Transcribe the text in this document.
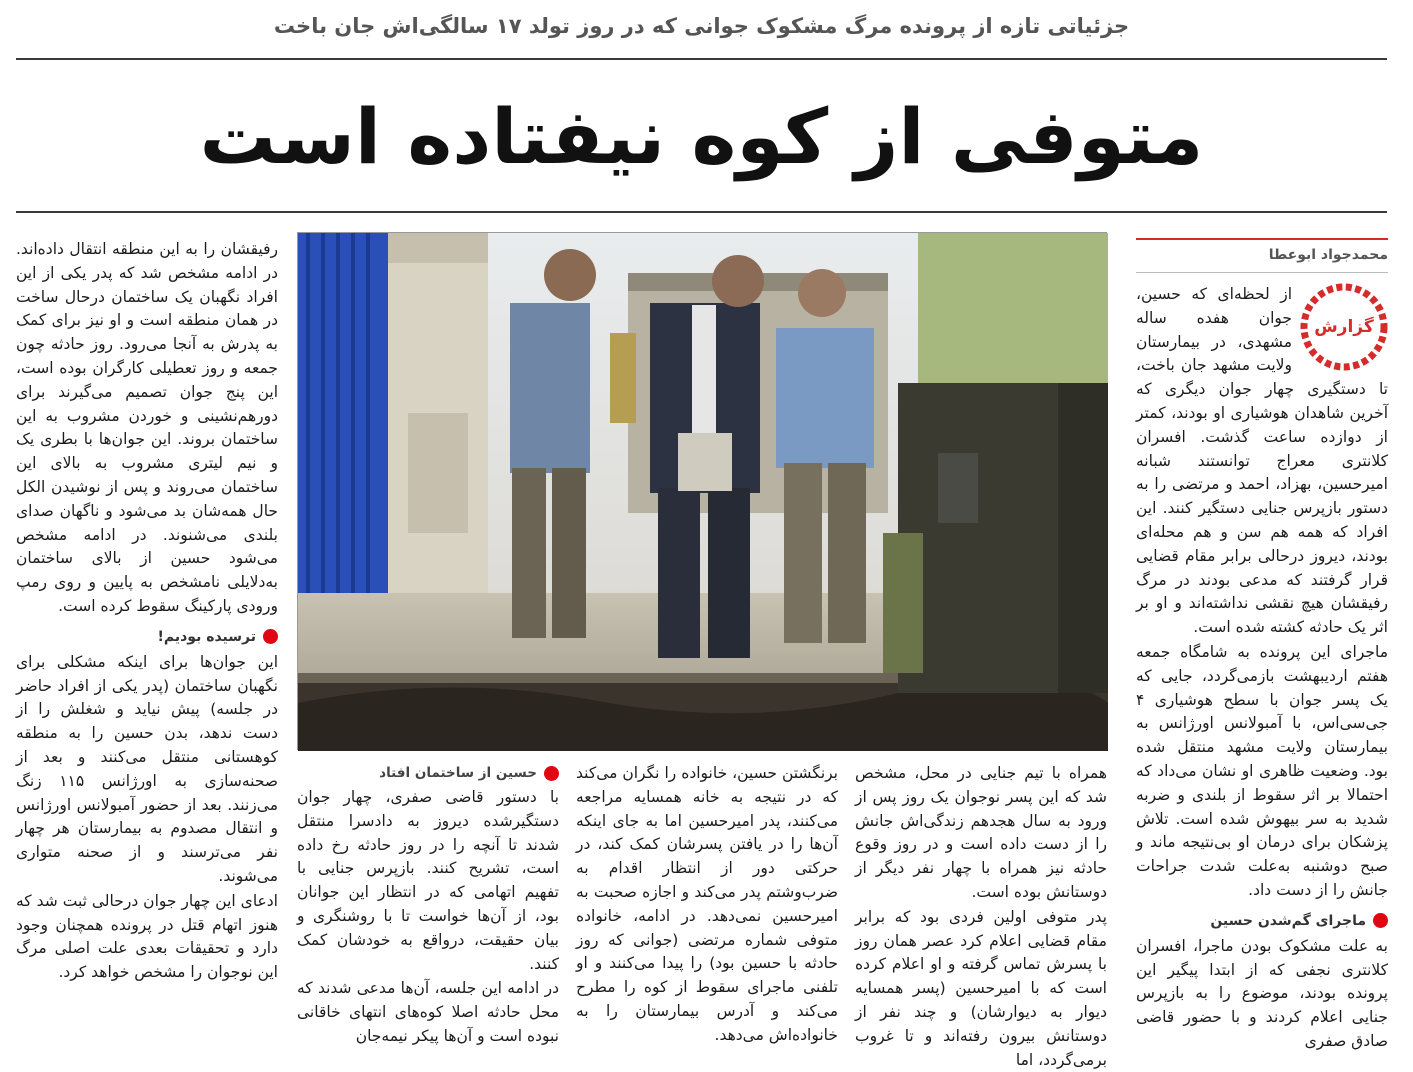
جزئیاتی تازه از پرونده مرگ مشکوک جوانی که در روز تولد ۱۷ سالگی‌اش جان باخت
متوفی از کوه نیفتاده است
محمدجواد ابوعطا
گزارش

از لحظه‌ای که حسین، جوان هفده ساله مشهدی، در بیمارستان ولایت مشهد جان باخت، تا دستگیری چهار جوان دیگری که آخرین شاهدان هوشیاری او بودند، کمتر از دوازده ساعت گذشت. افسران کلانتری معراج توانستند شبانه امیرحسین، بهزاد، احمد و مرتضی را به دستور بازپرس جنایی دستگیر کنند. این افراد که همه هم سن و هم محله‌ای بودند، دیروز درحالی برابر مقام قضایی قرار گرفتند که مدعی بودند در مرگ رفیقشان هیچ نقشی نداشته‌اند و او بر اثر یک حادثه کشته شده است.

ماجرای این پرونده به شامگاه جمعه هفتم اردیبهشت بازمی‌گردد، جایی که یک پسر جوان با سطح هوشیاری ۴ جی‌سی‌اس، با آمبولانس اورژانس به بیمارستان ولایت مشهد منتقل شده بود. وضعیت ظاهری او نشان می‌داد که احتمالا بر اثر سقوط از بلندی و ضربه شدید به سر بیهوش شده است. تلاش پزشکان برای درمان او بی‌نتیجه ماند و صبح دوشنبه به‌علت شدت جراحات جانش را از دست داد.

ماجرای گم‌شدن حسین

به علت مشکوک بودن ماجرا، افسران کلانتری نجفی که از ابتدا پیگیر این پرونده بودند، موضوع را به بازپرس جنایی اعلام کردند و با حضور قاضی صادق صفری

همراه با تیم جنایی در محل، مشخص شد که این پسر نوجوان یک روز پس از ورود به سال هجدهم زندگی‌اش جانش را از دست داده است و در روز وقوع حادثه نیز همراه با چهار نفر دیگر از دوستانش بوده است.

پدر متوفی اولین فردی بود که برابر مقام قضایی اعلام کرد عصر همان روز با پسرش تماس گرفته و او اعلام کرده است که با امیرحسین (پسر همسایه دیوار به دیوارشان) و چند نفر از دوستانش بیرون رفته‌اند و تا غروب برمی‌گردد، اما

برنگشتن حسین، خانواده را نگران می‌کند که در نتیجه به خانه همسایه مراجعه می‌کنند، پدر امیرحسین اما به جای اینکه آن‌ها را در یافتن پسرشان کمک کند، در حرکتی دور از انتظار اقدام به ضرب‌وشتم پدر می‌کند و اجازه صحبت به امیرحسین نمی‌دهد. در ادامه، خانواده متوفی شماره مرتضی (جوانی که روز حادثه با حسین بود) را پیدا می‌کنند و او تلفنی ماجرای سقوط از کوه را مطرح می‌کند و آدرس بیمارستان را به خانواده‌اش می‌دهد.

حسین از ساختمان افتاد

با دستور قاضی صفری، چهار جوان دستگیرشده دیروز به دادسرا منتقل شدند تا آنچه را در روز حادثه رخ داده است، تشریح کنند. بازپرس جنایی با تفهیم اتهامی که در انتظار این جوانان بود، از آن‌ها خواست تا با روشنگری و بیان حقیقت، درواقع به خودشان کمک کنند.

در ادامه این جلسه، آن‌ها مدعی شدند که محل حادثه اصلا کوه‌های انتهای خاقانی نبوده است و آن‌ها پیکر نیمه‌جان

رفیقشان را به این منطقه انتقال داده‌اند. در ادامه مشخص شد که پدر یکی از این افراد نگهبان یک ساختمان درحال ساخت در همان منطقه است و او نیز برای کمک به پدرش به آنجا می‌رود. روز حادثه چون جمعه و روز تعطیلی کارگران بوده است، این پنج جوان تصمیم می‌گیرند برای دورهم‌نشینی و خوردن مشروب به این ساختمان بروند. این جوان‌ها با بطری یک و نیم لیتری مشروب به بالای این ساختمان می‌روند و پس از نوشیدن الکل حال همه‌شان بد می‌شود و ناگهان صدای بلندی می‌شنوند. در ادامه مشخص می‌شود حسین از بالای ساختمان به‌دلایلی نامشخص به پایین و روی رمپ ورودی پارکینگ سقوط کرده است.

ترسیده بودیم!

این جوان‌ها برای اینکه مشکلی برای نگهبان ساختمان (پدر یکی از افراد حاضر در جلسه) پیش نیاید و شغلش را از دست ندهد، بدن حسین را به منطقه کوهستانی منتقل می‌کنند و بعد از صحنه‌سازی به اورژانس ۱۱۵ زنگ می‌زنند. بعد از حضور آمبولانس اورژانس و انتقال مصدوم به بیمارستان هر چهار نفر می‌ترسند و از صحنه متواری می‌شوند.

ادعای این چهار جوان درحالی ثبت شد که هنوز اتهام قتل در پرونده همچنان وجود دارد و تحقیقات بعدی علت اصلی مرگ این نوجوان را مشخص خواهد کرد.
